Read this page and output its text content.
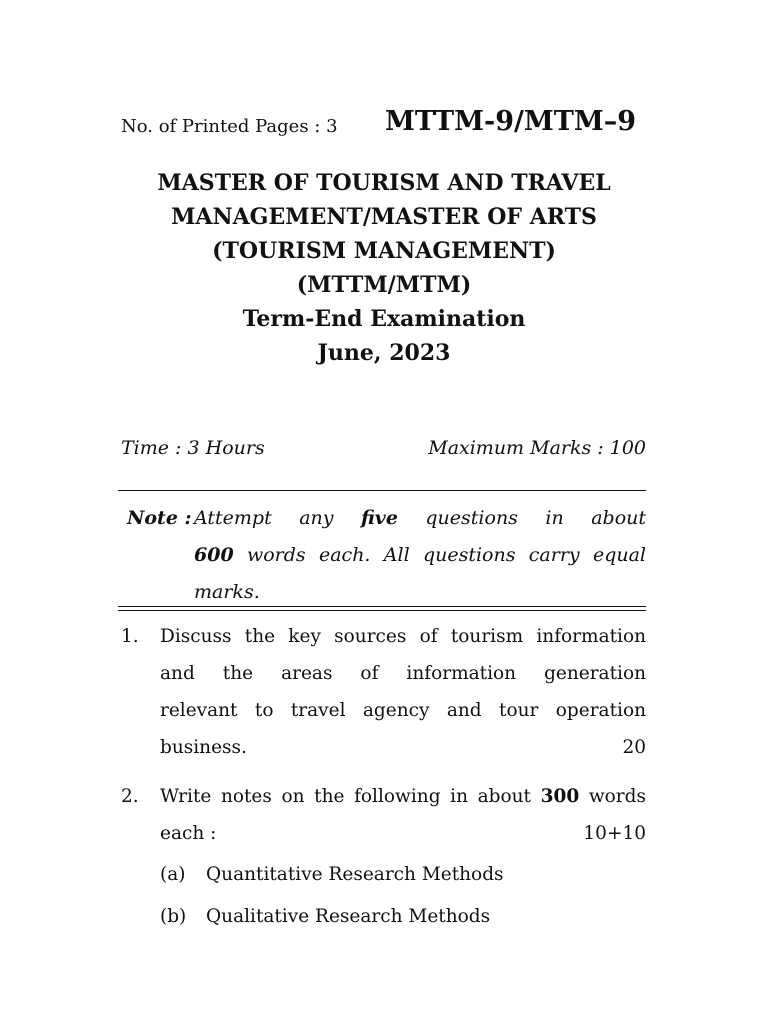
No. of Printed Pages : 3 MTTM-9/MTM–9
MASTER OF TOURISM AND TRAVEL
MANAGEMENT/MASTER OF ARTS
(TOURISM MANAGEMENT)
(MTTM/MTM)
Term-End Examination
June, 2023
Time : 3 Hours	Maximum Marks : 100
Note : Attempt any five questions in about
600 words each. All questions carry equal
marks.
1. Discuss the key sources of tourism information
and the areas of information generation
relevant to travel agency and tour operation
business.	20
2. Write notes on the following in about 300 words
each :	10+10
(a) Quantitative Research Methods
(b) Qualitative Research Methods
